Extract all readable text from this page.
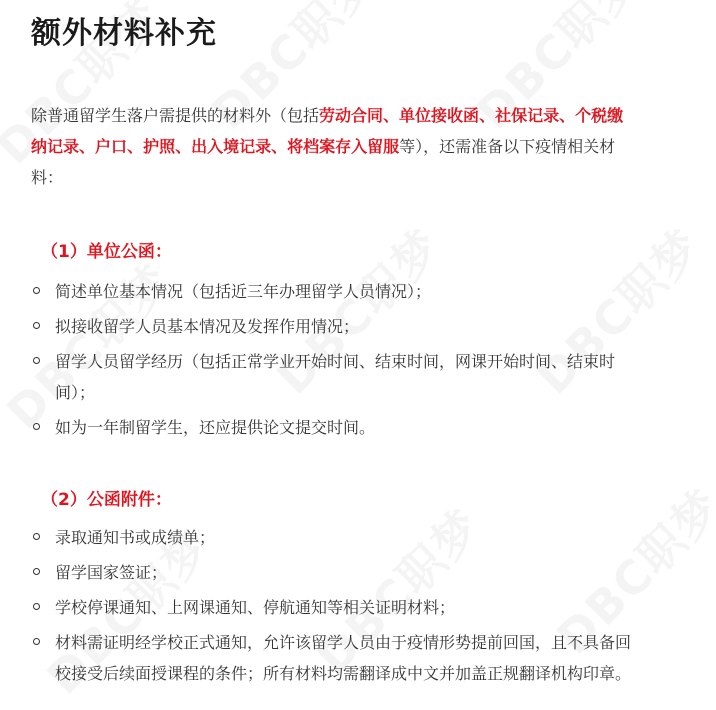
额外材料补充

除普通留学生落户需提供的材料外（包括劳动合同、单位接收函、社保记录、个税缴纳记录、户口、护照、出入境记录、将档案存入留服等），还需准备以下疫情相关材料：

（1）单位公函：
简述单位基本情况（包括近三年办理留学人员情况）；
拟接收留学人员基本情况及发挥作用情况；
留学人员留学经历（包括正常学业开始时间、结束时间，网课开始时间、结束时间）；
如为一年制留学生，还应提供论文提交时间。
（2）公函附件：
录取通知书或成绩单；
留学国家签证；
学校停课通知、上网课通知、停航通知等相关证明材料；
材料需证明经学校正式通知，允许该留学人员由于疫情形势提前回国，且不具备回校接受后续面授课程的条件；所有材料均需翻译成中文并加盖正规翻译机构印章。
